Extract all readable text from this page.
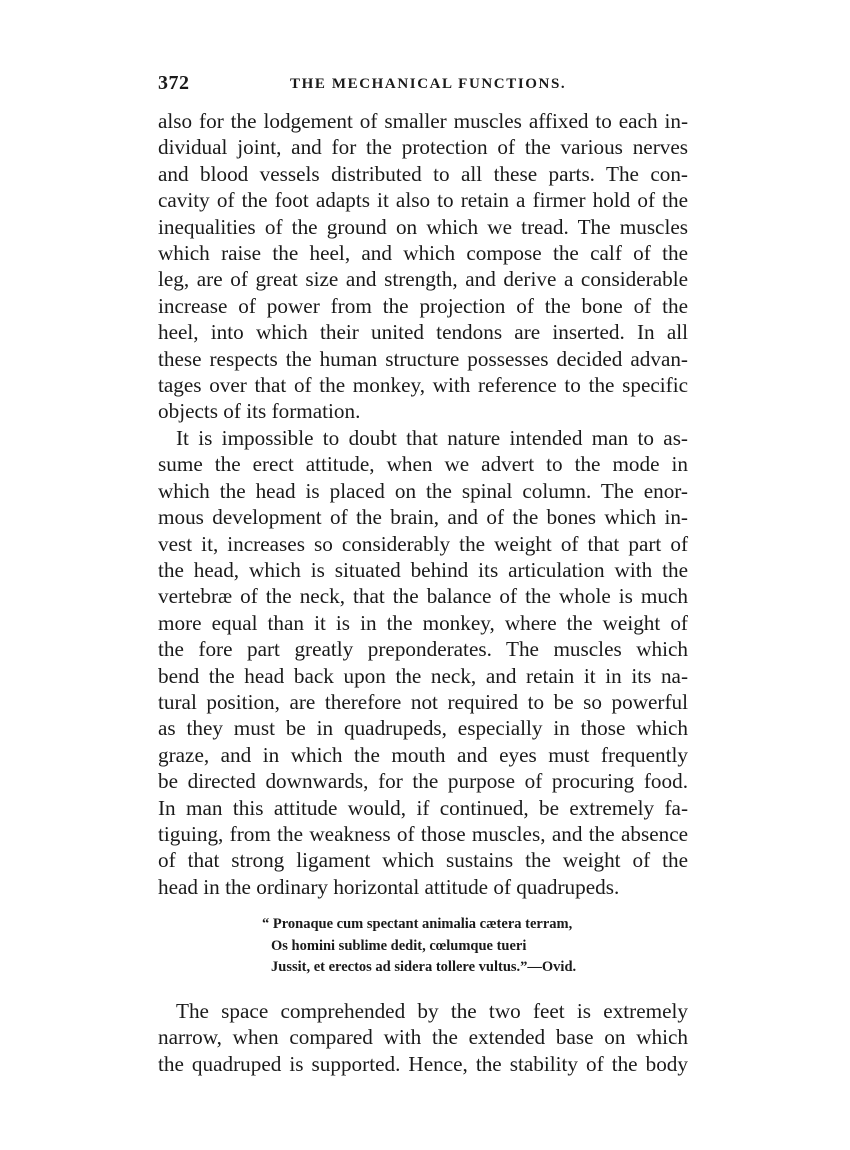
372	THE MECHANICAL FUNCTIONS.

also for the lodgement of smaller muscles affixed to each in-
dividual joint, and for the protection of the various nerves
and blood vessels distributed to all these parts. The con-
cavity of the foot adapts it also to retain a firmer hold of the
inequalities of the ground on which we tread. The muscles
which raise the heel, and which compose the calf of the
leg, are of great size and strength, and derive a considerable
increase of power from the projection of the bone of the
heel, into which their united tendons are inserted. In all
these respects the human structure possesses decided advan-
tages over that of the monkey, with reference to the specific
objects of its formation.

It is impossible to doubt that nature intended man to as-
sume the erect attitude, when we advert to the mode in
which the head is placed on the spinal column. The enor-
mous development of the brain, and of the bones which in-
vest it, increases so considerably the weight of that part of
the head, which is situated behind its articulation with the
vertebræ of the neck, that the balance of the whole is much
more equal than it is in the monkey, where the weight of
the fore part greatly preponderates. The muscles which
bend the head back upon the neck, and retain it in its na-
tural position, are therefore not required to be so powerful
as they must be in quadrupeds, especially in those which
graze, and in which the mouth and eyes must frequently
be directed downwards, for the purpose of procuring food.
In man this attitude would, if continued, be extremely fa-
tiguing, from the weakness of those muscles, and the absence
of that strong ligament which sustains the weight of the
head in the ordinary horizontal attitude of quadrupeds.

“ Pronaque cum spectant animalia cætera terram,
Os homini sublime dedit, cœlumque tueri
Jussit, et erectos ad sidera tollere vultus.”—Ovid.

The space comprehended by the two feet is extremely
narrow, when compared with the extended base on which
the quadruped is supported. Hence, the stability of the body
